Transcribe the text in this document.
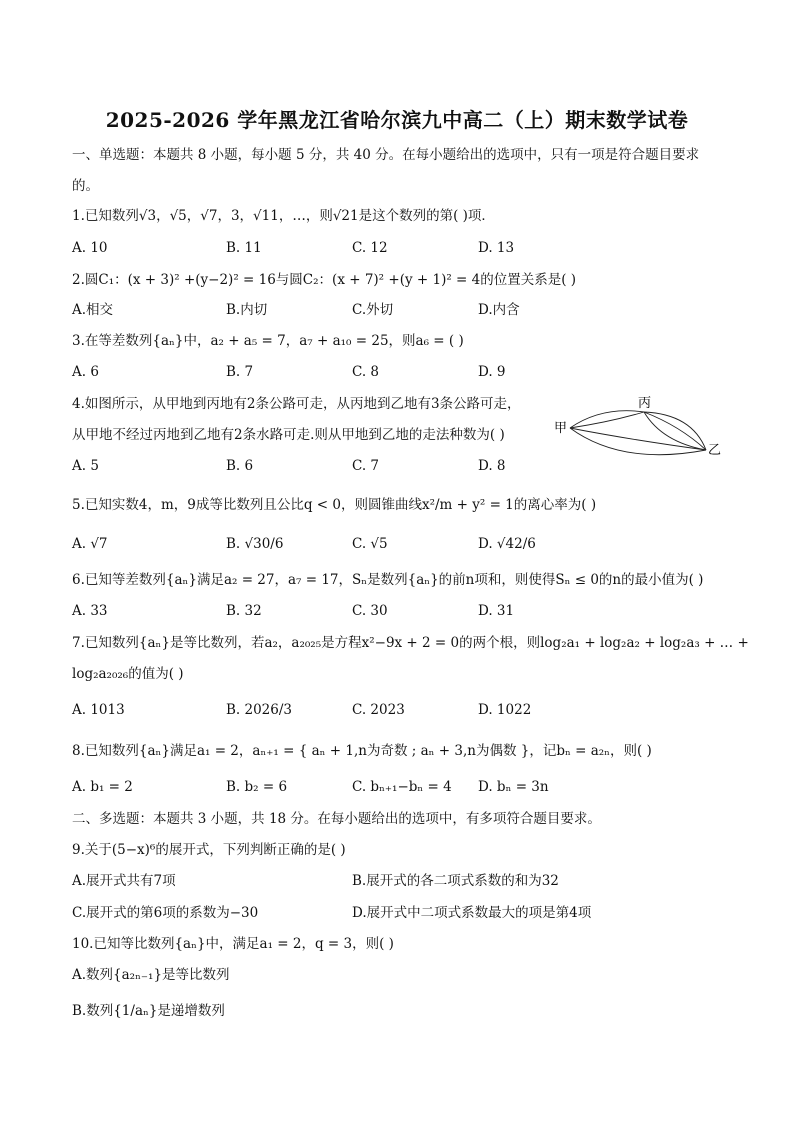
2025-2026 学年黑龙江省哈尔滨九中高二（上）期末数学试卷
一、单选题：本题共 8 小题，每小题 5 分，共 40 分。在每小题给出的选项中，只有一项是符合题目要求
的。
1.已知数列√3，√5，√7，3，√11，…，则√21是这个数列的第( )项．
A. 10	B. 11	C. 12	D. 13
2.圆C₁：(x + 3)² +(y−2)² = 16与圆C₂：(x + 7)² +(y + 1)² = 4的位置关系是( )
A.相交	B.内切	C.外切	D.内含
3.在等差数列{aₙ}中，a₂ + a₅ = 7，a₇ + a₁₀ = 25，则a₆ = ( )
A. 6	B. 7	C. 8	D. 9
4.如图所示，从甲地到丙地有2条公路可走，从丙地到乙地有3条公路可走，
从甲地不经过丙地到乙地有2条水路可走.则从甲地到乙地的走法种数为( )
A. 5	B. 6	C. 7	D. 8
甲
丙
乙
5.已知实数4，m，9成等比数列且公比q < 0，则圆锥曲线x²/m + y² = 1的离心率为( )
A. √7	B. √30/6	C. √5	D. √42/6
6.已知等差数列{aₙ}满足a₂ = 27，a₇ = 17，Sₙ是数列{aₙ}的前n项和，则使得Sₙ ≤ 0的n的最小值为( )
A. 33	B. 32	C. 30	D. 31
7.已知数列{aₙ}是等比数列，若a₂，a₂₀₂₅是方程x²−9x + 2 = 0的两个根，则log₂a₁ + log₂a₂ + log₂a₃ + … +
log₂a₂₀₂₆的值为( )
A. 1013	B. 2026/3	C. 2023	D. 1022
8.已知数列{aₙ}满足a₁ = 2，aₙ₊₁ = { aₙ + 1,n为奇数 ; aₙ + 3,n为偶数 }，记bₙ = a₂ₙ，则( )
A. b₁ = 2	B. b₂ = 6	C. bₙ₊₁−bₙ = 4 D. bₙ = 3n
二、多选题：本题共 3 小题，共 18 分。在每小题给出的选项中，有多项符合题目要求。
9.关于(5−x)⁶的展开式，下列判断正确的是( )
A.展开式共有7项	B.展开式的各二项式系数的和为32
C.展开式的第6项的系数为−30	D.展开式中二项式系数最大的项是第4项
10.已知等比数列{aₙ}中，满足a₁ = 2，q = 3，则( )
A.数列{a₂ₙ₋₁}是等比数列
B.数列{1/aₙ}是递增数列
